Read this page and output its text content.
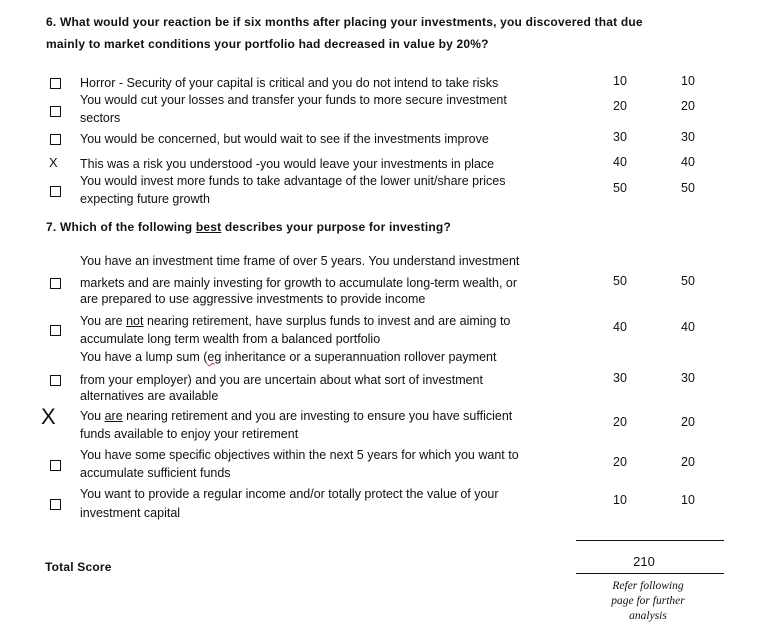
6. What would your reaction be if six months after placing your investments, you discovered that due
mainly to market conditions your portfolio had decreased in value by 20%?
Horror - Security of your capital is critical and you do not intend to take risks	10	10
You would cut your losses and transfer your funds to more secure investment
sectors
20	20
You would be concerned, but would wait to see if the investments improve	30	30
X This was a risk you understood -you would leave your investments in place	40	40
You would invest more funds to take advantage of the lower unit/share prices
expecting future growth
50	50
7. Which of the following best describes your purpose for investing?
You have an investment time frame of over 5 years. You understand investment
markets and are mainly investing for growth to accumulate long-term wealth, or
are prepared to use aggressive investments to provide income
50	50
You are not nearing retirement, have surplus funds to invest and are aiming to
accumulate long term wealth from a balanced portfolio
40	40
You have a lump sum (eg inheritance or a superannuation rollover payment
from your employer) and you are uncertain about what sort of investment
alternatives are available
30	30
X You are nearing retirement and you are investing to ensure you have sufficient
funds available to enjoy your retirement
20	20
You have some specific objectives within the next 5 years for which you want to
accumulate sufficient funds
20	20
You want to provide a regular income and/or totally protect the value of your
investment capital
10	10
Total Score	210
Refer following
page for further
analysis
